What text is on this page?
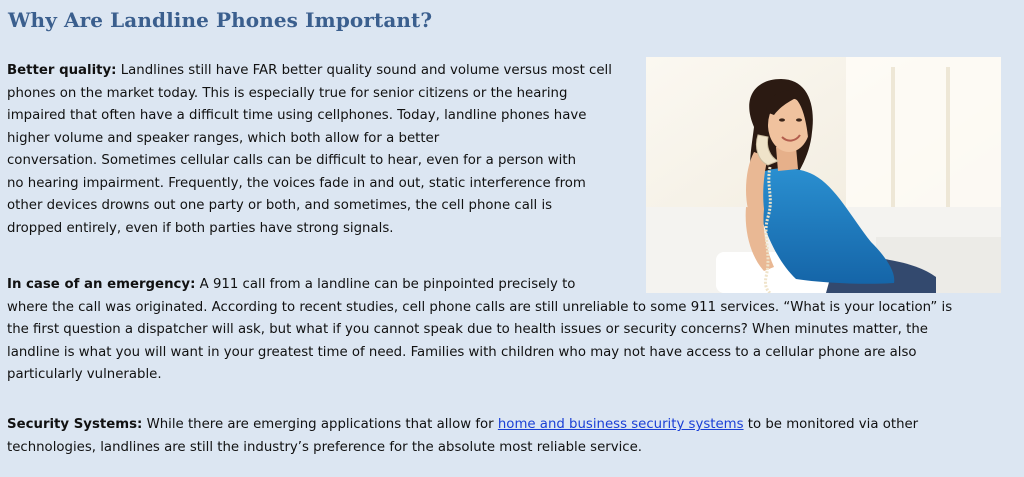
Why Are Landline Phones Important?

Better quality: Landlines still have FAR better quality sound and volume versus most cell
phones on the market today. This is especially true for senior citizens or the hearing
impaired that often have a difficult time using cellphones. Today, landline phones have
higher volume and speaker ranges, which both allow for a better
conversation. Sometimes cellular calls can be difficult to hear, even for a person with
no hearing impairment. Frequently, the voices fade in and out, static interference from
other devices drowns out one party or both, and sometimes, the cell phone call is
dropped entirely, even if both parties have strong signals.

In case of an emergency: A 911 call from a landline can be pinpointed precisely to
where the call was originated. According to recent studies, cell phone calls are still unreliable to some 911 services. “What is your location” is
the first question a dispatcher will ask, but what if you cannot speak due to health issues or security concerns? When minutes matter, the
landline is what you will want in your greatest time of need. Families with children who may not have access to a cellular phone are also
particularly vulnerable.

Security Systems: While there are emerging applications that allow for home and business security systems to be monitored via other
technologies, landlines are still the industry’s preference for the absolute most reliable service.
